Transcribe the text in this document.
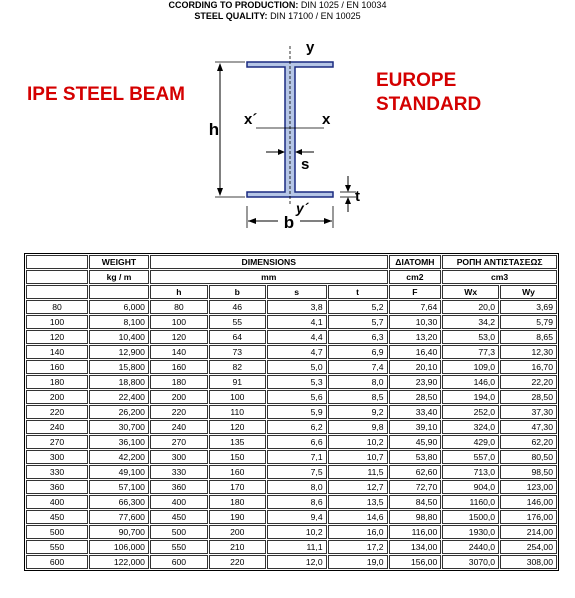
CCORDING TO PRODUCTION: DIN 1025 / EN 10034
STEEL QUALITY: DIN 17100 / EN 10025
IPE STEEL BEAM
EUROPE
STANDARD
h
b
y
y´
x´	x
s
t
	WEIGHT	DIMENSIONS				ΔΙΑΤΟΜΗ	ΡΟΠΗ ΑΝΤΙΣΤΑΣΕΩΣ	
	kg / m	mm				cm2	cm3	
		h	b	s	t	F	Wx	Wy
80	6,000	80	46	3,8	5,2	7,64	20,0	3,69
100	8,100	100	55	4,1	5,7	10,30	34,2	5,79
120	10,400	120	64	4,4	6,3	13,20	53,0	8,65
140	12,900	140	73	4,7	6,9	16,40	77,3	12,30
160	15,800	160	82	5,0	7,4	20,10	109,0	16,70
180	18,800	180	91	5,3	8,0	23,90	146,0	22,20
200	22,400	200	100	5,6	8,5	28,50	194,0	28,50
220	26,200	220	110	5,9	9,2	33,40	252,0	37,30
240	30,700	240	120	6,2	9,8	39,10	324,0	47,30
270	36,100	270	135	6,6	10,2	45,90	429,0	62,20
300	42,200	300	150	7,1	10,7	53,80	557,0	80,50
330	49,100	330	160	7,5	11,5	62,60	713,0	98,50
360	57,100	360	170	8,0	12,7	72,70	904,0	123,00
400	66,300	400	180	8,6	13,5	84,50	1160,0	146,00
450	77,600	450	190	9,4	14,6	98,80	1500,0	176,00
500	90,700	500	200	10,2	16,0	116,00	1930,0	214,00
550	106,000	550	210	11,1	17,2	134,00	2440,0	254,00
600	122,000	600	220	12,0	19,0	156,00	3070,0	308,00
